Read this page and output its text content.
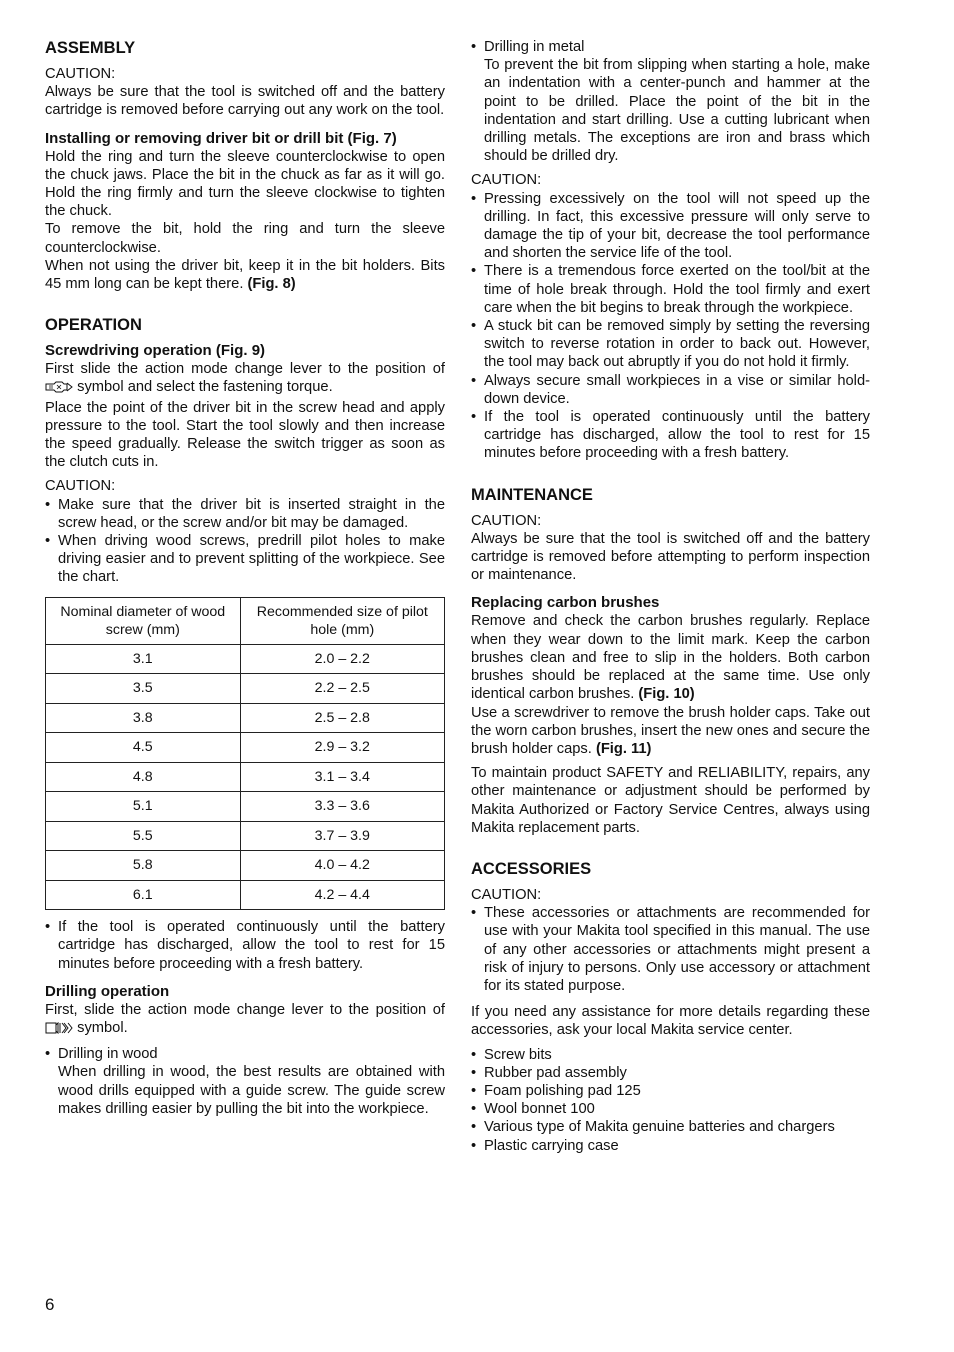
ASSEMBLY

CAUTION:

Always be sure that the tool is switched off and the battery cartridge is removed before carrying out any work on the tool.

Installing or removing driver bit or drill bit (Fig. 7)

Hold the ring and turn the sleeve counterclockwise to open the chuck jaws. Place the bit in the chuck as far as it will go. Hold the ring firmly and turn the sleeve clockwise to tighten the chuck.

To remove the bit, hold the ring and turn the sleeve counterclockwise.

When not using the driver bit, keep it in the bit holders. Bits 45 mm long can be kept there. (Fig. 8)

OPERATION
Screwdriving operation (Fig. 9)

First slide the action mode change lever to the position of  symbol and select the fastening torque.

Place the point of the driver bit in the screw head and apply pressure to the tool. Start the tool slowly and then increase the speed gradually. Release the switch trigger as soon as the clutch cuts in.

CAUTION:

• Make sure that the driver bit is inserted straight in the screw head, or the screw and/or bit may be damaged.
• When driving wood screws, predrill pilot holes to make driving easier and to prevent splitting of the workpiece. See the chart.
Nominal diameter of wood screw (mm)	Recommended size of pilot hole (mm)
3.1	2.0 – 2.2
3.5	2.2 – 2.5
3.8	2.5 – 2.8
4.5	2.9 – 3.2
4.8	3.1 – 3.4
5.1	3.3 – 3.6
5.5	3.7 – 3.9
5.8	4.0 – 4.2
6.1	4.2 – 4.4
• If the tool is operated continuously until the battery cartridge has discharged, allow the tool to rest for 15 minutes before proceeding with a fresh battery.
Drilling operation

First, slide the action mode change lever to the position of  symbol.

• Drilling in wood
When drilling in wood, the best results are obtained with wood drills equipped with a guide screw. The guide screw makes drilling easier by pulling the bit into the workpiece.
• Drilling in metal
To prevent the bit from slipping when starting a hole, make an indentation with a center-punch and hammer at the point to be drilled. Place the point of the bit in the indentation and start drilling. Use a cutting lubricant when drilling metals. The exceptions are iron and brass which should be drilled dry.

CAUTION:

• Pressing excessively on the tool will not speed up the drilling. In fact, this excessive pressure will only serve to damage the tip of your bit, decrease the tool performance and shorten the service life of the tool.
• There is a tremendous force exerted on the tool/bit at the time of hole break through. Hold the tool firmly and exert care when the bit begins to break through the workpiece.
• A stuck bit can be removed simply by setting the reversing switch to reverse rotation in order to back out. However, the tool may back out abruptly if you do not hold it firmly.
• Always secure small workpieces in a vise or similar hold-down device.
• If the tool is operated continuously until the battery cartridge has discharged, allow the tool to rest for 15 minutes before proceeding with a fresh battery.
MAINTENANCE

CAUTION:

Always be sure that the tool is switched off and the battery cartridge is removed before attempting to perform inspection or maintenance.

Replacing carbon brushes

Remove and check the carbon brushes regularly. Replace when they wear down to the limit mark. Keep the carbon brushes clean and free to slip in the holders. Both carbon brushes should be replaced at the same time. Use only identical carbon brushes. (Fig. 10)

Use a screwdriver to remove the brush holder caps. Take out the worn carbon brushes, insert the new ones and secure the brush holder caps. (Fig. 11)

To maintain product SAFETY and RELIABILITY, repairs, any other maintenance or adjustment should be performed by Makita Authorized or Factory Service Centres, always using Makita replacement parts.

ACCESSORIES

CAUTION:

• These accessories or attachments are recommended for use with your Makita tool specified in this manual. The use of any other accessories or attachments might present a risk of injury to persons. Only use accessory or attachment for its stated purpose.

If you need any assistance for more details regarding these accessories, ask your local Makita service center.

• Screw bits
• Rubber pad assembly
• Foam polishing pad 125
• Wool bonnet 100
• Various type of Makita genuine batteries and chargers
• Plastic carrying case
6
